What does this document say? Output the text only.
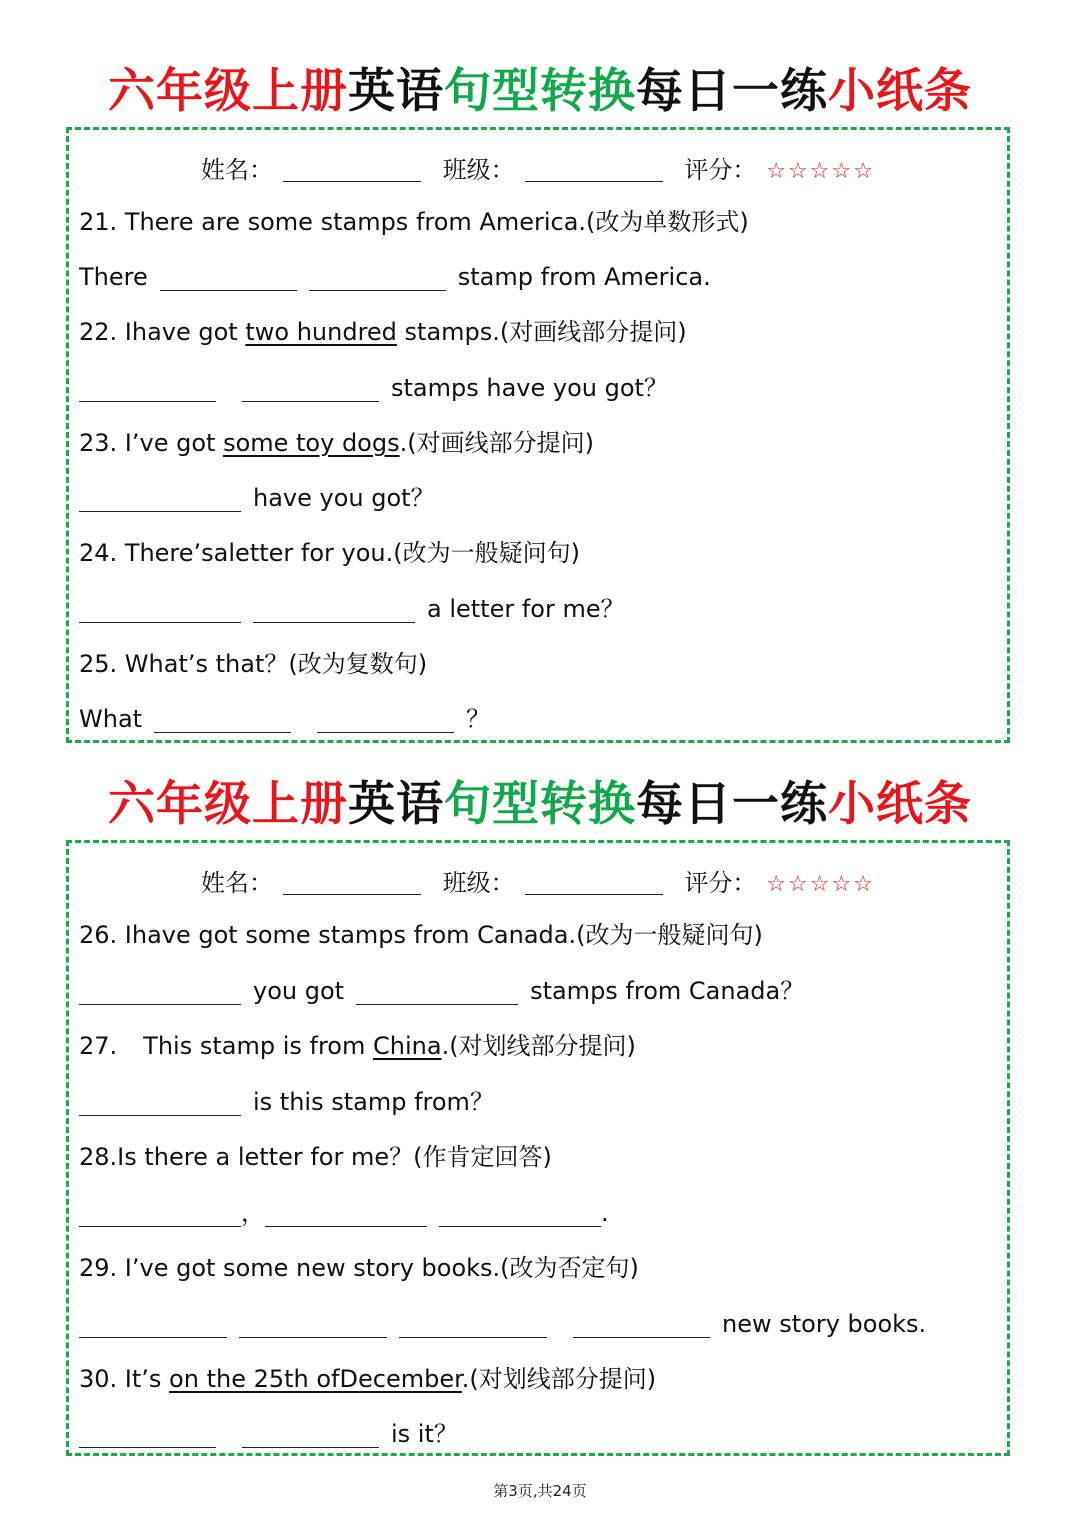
六年级上册英语句型转换每日一练小纸条
姓名：	班级：	评分： ☆☆☆☆☆
21. There are some stamps from America.(改为单数形式)
There	stamp from America.
22. Ihave got two hundred stamps.(对画线部分提问)
stamps have you got？
23. I’ve got some toy dogs.(对画线部分提问)
have you got？
24. There’saletter for you.(改为一般疑问句)
a letter for me？
25. What’s that？(改为复数句)
What	？
六年级上册英语句型转换每日一练小纸条
姓名：	班级：	评分： ☆☆☆☆☆
26. Ihave got some stamps from Canada.(改为一般疑问句)
you got	stamps from Canada？
27. This stamp is from China.(对划线部分提问)
is this stamp from？
28.Is there a letter for me？(作肯定回答)
，	.
29. I’ve got some new story books.(改为否定句)
new story books.
30. It’s on the 25th ofDecember.(对划线部分提问)
is it？
第3页,共24页
